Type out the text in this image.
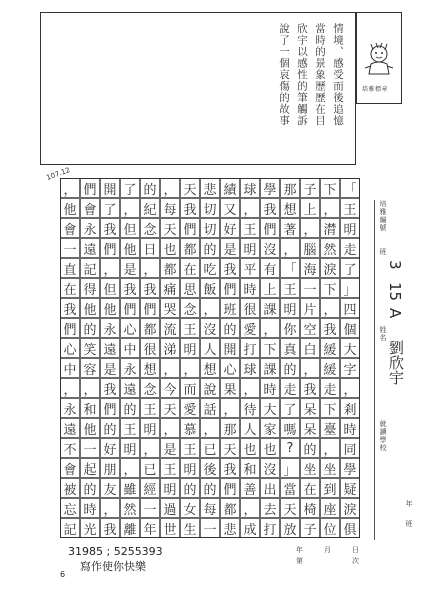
情境、感受而後追憶
當時的景象歷歷在目
欣宇以感性的筆觸訴
說了一個哀傷的故事	培雅標章
107.12
「
王
明
走
了
」
四
個
大
字
，
剎
時
同
學
疑
淚
俱
下
，
潸
然
淚
下
，
我
緩
緩
走
下
臺
，
坐
到
座
位
子
上
，
腦
海
一
片
空
白
，
我
呆
呆
的
坐
在
椅
子
那
想
著
，
「
王
明
你
真
的
走
了
嗎
?
」
當
天
放
學
我
們
沒
有
上
課
，
下
課
時
大
家
也
沒
出
去
打
球
，
王
明
平
時
很
愛
打
球
，
待
人
也
和
善
，
成
績
又
好
是
我
們
班
的
開
心
果
，
那
天
我
們
都
悲
悲
切
切
的
吃
飯
，
沒
人
想
說
話
，
已
後
的
每
一
天
我
們
都
在
思
念
王
明
，
而
愛
慕
王
明
的
女
生
，
每
天
也
都
痛
哭
流
涕
，
今
天
，
是
王
明
過
世
的
紀
念
日
，
我
們
都
很
想
念
王
明
，
已
經
一
年
了
，
但
他
是
我
們
心
中
永
遠
的
王
明
，
雖
然
離
開
了
我
們
，
但
他
永
遠
是
我
們
的
好
朋
友
，
我
們
會
永
遠
記
得
他
的
笑
容
，
和
他
一
起
的
時
光
，
他
會
一
直
在
我
們
心
中
，
永
遠
不
會
被
忘
記
培雅編號
班
3
15
A
姓名
劉欣宇
就讀學校
年
班
年	月	日
第	次
31985 ; 5255393
寫作使你快樂
6
